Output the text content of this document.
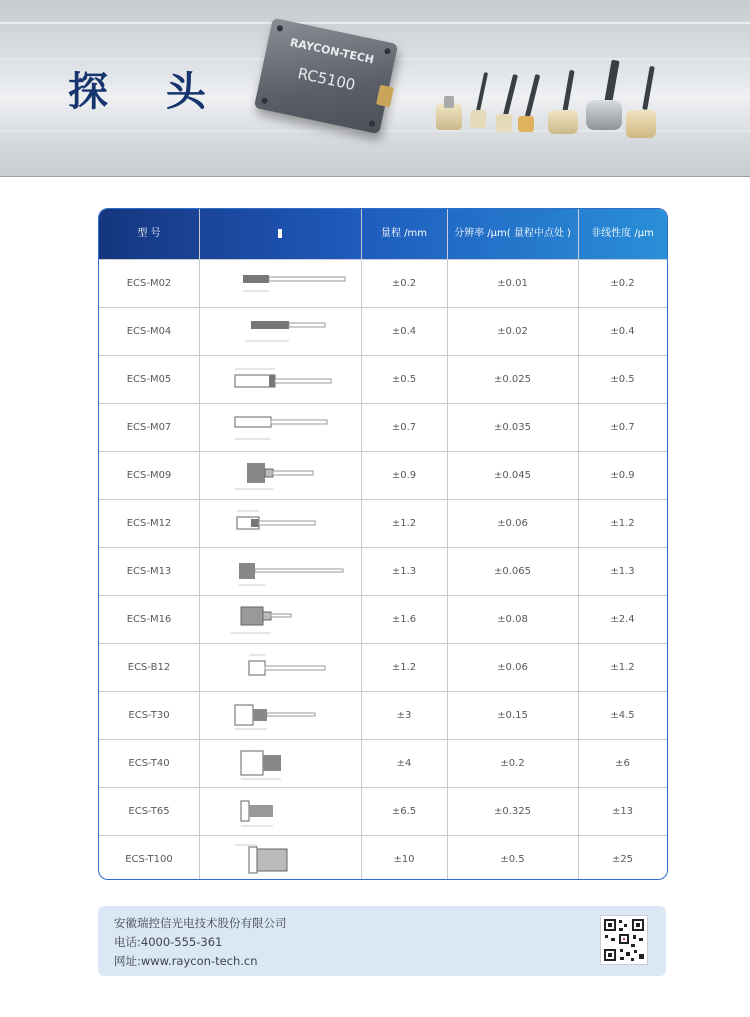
探 头
RAYCON-TECH
RC5100
型 号	量程 /mm	分辨率 /μm( 量程中点处 )	非线性度 /μm
ECS-M02	±0.2	±0.01	±0.2
ECS-M04	±0.4	±0.02	±0.4
ECS-M05	±0.5	±0.025	±0.5
ECS-M07	±0.7	±0.035	±0.7
ECS-M09	±0.9	±0.045	±0.9
ECS-M12	±1.2	±0.06	±1.2
ECS-M13	±1.3	±0.065	±1.3
ECS-M16	±1.6	±0.08	±2.4
ECS-B12	±1.2	±0.06	±1.2
ECS-T30	±3	±0.15	±4.5
ECS-T40	±4	±0.2	±6
ECS-T65	±6.5	±0.325	±13
ECS-T100	±10	±0.5	±25
安徽瑞控信光电技术股份有限公司
电话:4000-555-361
网址:www.raycon-tech.cn
